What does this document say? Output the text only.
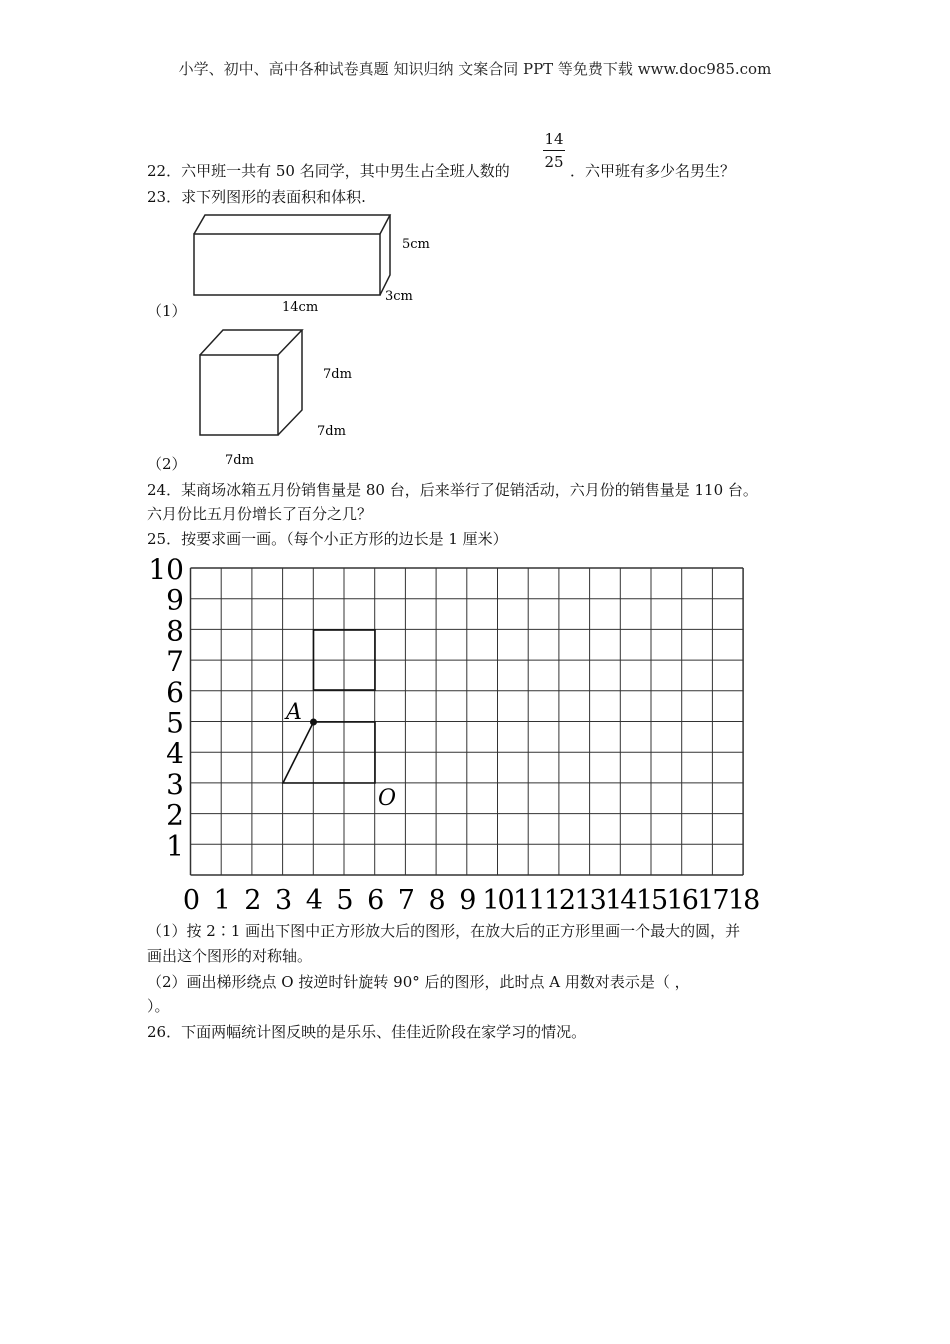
小学、初中、高中各种试卷真题 知识归纳 文案合同 PPT 等免费下载 www.doc985.com
22．六甲班一共有 50 名同学，其中男生占全班人数的
14
25 ．六甲班有多少名男生？
23．求下列图形的表面积和体积.
5cm
3cm
14cm
（1）
7dm
7dm
7dm
（2）
24．某商场冰箱五月份销售量是 80 台，后来举行了促销活动，六月份的销售量是 110 台。
六月份比五月份增长了百分之几？
25．按要求画一画。（每个小正方形的边长是 1 厘米）
1
2
3
4
5
6
7
8
9
10
0 1 2 3 4 5 6 7 8 9 10 11 12 13 14 15 16 17 18
A
O
（1）按 2∶1 画出下图中正方形放大后的图形，在放大后的正方形里画一个最大的圆，并
画出这个图形的对称轴。
（2）画出梯形绕点 O 按逆时针旋转 90° 后的图形，此时点 A 用数对表示是（ ，
）。
26．下面两幅统计图反映的是乐乐、佳佳近阶段在家学习的情况。
